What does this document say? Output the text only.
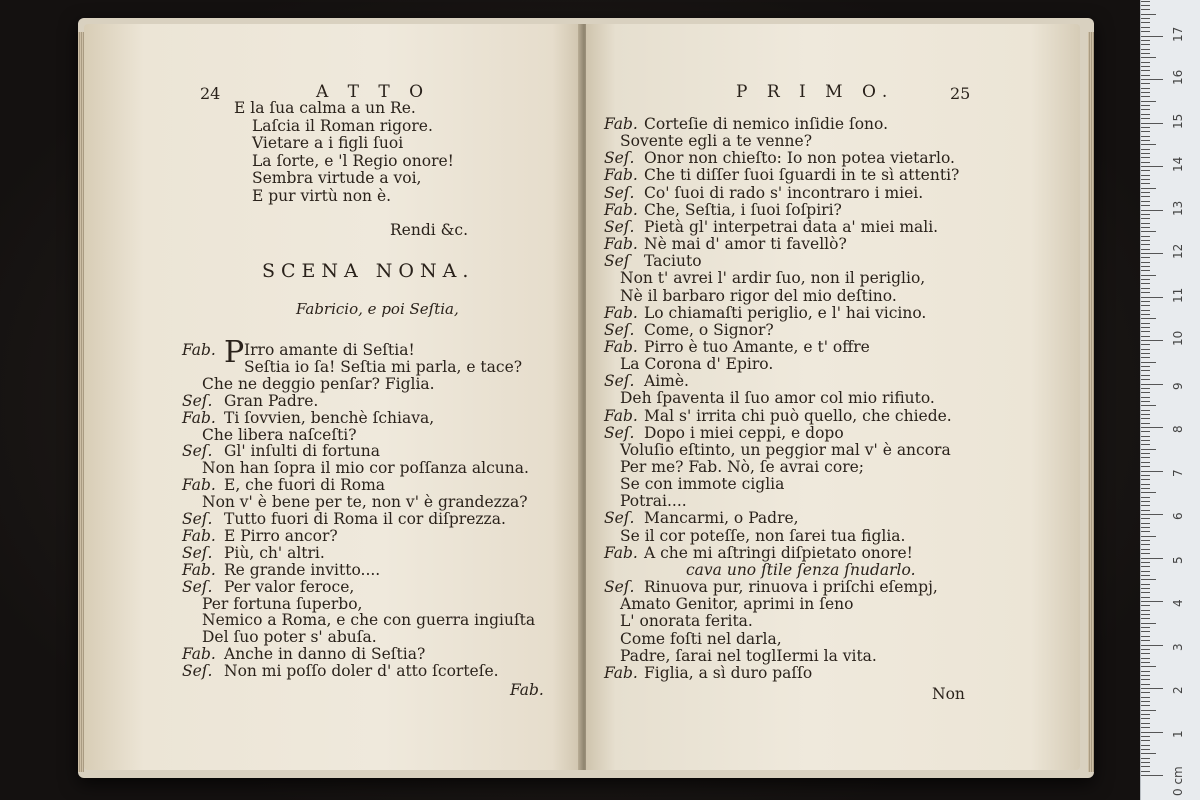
24	A T T O
E la ſua calma a un Re.
Laſcia il Roman rigore.
Vietare a i figli ſuoi
La ſorte, e 'l Regio onore!
Sembra virtude a voi,
E pur virtù non è.
Rendi &c.
SCENA NONA.
Fabricio, e poi Seſtia,
P
Fab. Irro amante di Seſtia!
Seſtia io ſa! Seſtia mi parla, e tace?
Che ne deggio penſar? Figlia.
Seſ. Gran Padre.
Fab. Ti ſovvien, benchè ſchiava,
Che libera naſceſti?
Seſ. Gl' inſulti di fortuna
Non han ſopra il mio cor poſſanza alcuna.
Fab. E, che fuori di Roma
Non v' è bene per te, non v' è grandezza?
Seſ. Tutto fuori di Roma il cor diſprezza.
Fab. E Pirro ancor?
Seſ. Più, ch' altri.
Fab. Re grande invitto....
Seſ. Per valor feroce,
Per fortuna ſuperbo,
Nemico a Roma, e che con guerra ingiuſta
Del ſuo poter s' abuſa.
Fab. Anche in danno di Seſtia?
Seſ. Non mi poſſo doler d' atto ſcorteſe.
Fab.
P R I M O.	25
Fab. Corteſie di nemico inſidie ſono.
Sovente egli a te venne?
Seſ. Onor non chieſto: Io non potea vietarlo.
Fab. Che ti diſſer ſuoi ſguardi in te sì attenti?
Seſ. Co' ſuoi di rado s' incontraro i miei.
Fab. Che, Seſtia, i ſuoi ſoſpiri?
Seſ. Pietà gl' interpetrai data a' miei mali.
Fab. Nè mai d' amor ti favellò?
Seſ Taciuto
Non t' avrei l' ardir ſuo, non il periglio,
Nè il barbaro rigor del mio deſtino.
Fab. Lo chiamaſti periglio, e l' hai vicino.
Seſ. Come, o Signor?
Fab. Pirro è tuo Amante, e t' offre
La Corona d' Epiro.
Seſ. Aimè.
Deh ſpaventa il ſuo amor col mio rifiuto.
Fab. Mal s' irrita chi può quello, che chiede.
Seſ. Dopo i miei ceppi, e dopo
Voluſio eſtinto, un peggior mal v' è ancora
Per me? Fab. Nò, ſe avrai core;
Se con immote ciglia
Potrai....
Seſ. Mancarmi, o Padre,
Se il cor poteſſe, non ſarei tua figlia.
Fab. A che mi aſtringi diſpietato onore!
cava uno ſtile ſenza ſnudarlo.
Seſ. Rinuova pur, rinuova i priſchi eſempj,
Amato Genitor, aprimi in ſeno
L' onorata ferita.
Come foſti nel darla,
Padre, ſarai nel toglIermi la vita.
Fab. Figlia, a sì duro paſſo
Non
1
2
3
4
5
6
7
8
9
10
11
12
13
14
15
16
17
0 cm
